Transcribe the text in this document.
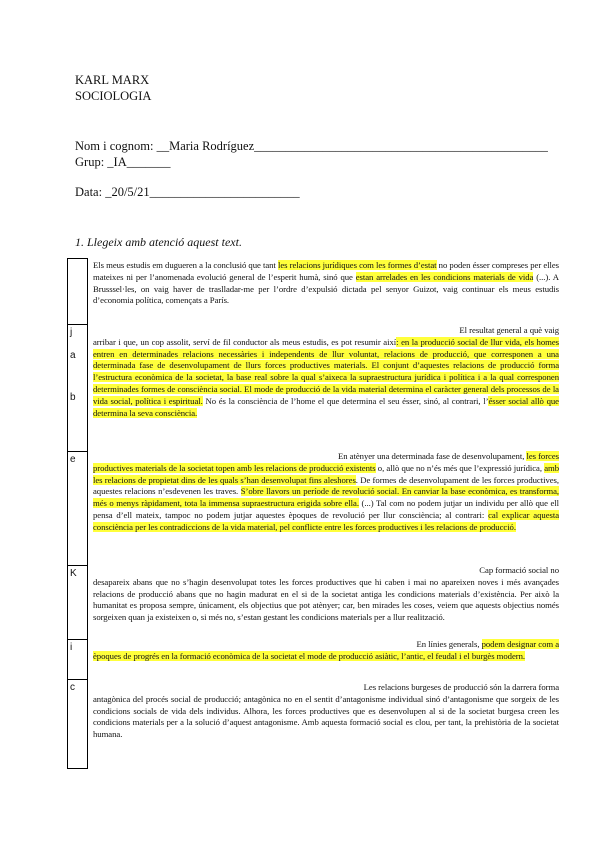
KARL MARX
SOCIOLOGIA
Nom i cognom: __Maria Rodríguez_______________________________________________
Grup: _IA_______
Data: _20/5/21________________________
1. Llegeix amb atenció aquest text.
j
a
b
e
K
i
c
Els meus estudis em dugueren a la conclusió que tant les relacions jurídiques com les formes d’estat no poden ésser compreses per elles mateixes ni per l’anomenada evolució general de l’esperit humà, sinó que estan arrelades en les condicions materials de vida (...). A Brusssel·les, on vaig haver de traslladar-me per l’ordre d’expulsió dictada pel senyor Guizot, vaig continuar els meus estudis d’economia política, començats a París.
El resultat general a què vaig
arribar i que, un cop assolit, serví de fil conductor als meus estudis, es pot resumir així: en la producció social de llur vida, els homes entren en determinades relacions necessàries i independents de llur voluntat, relacions de producció, que corresponen a una determinada fase de desenvolupament de llurs forces productives materials. El conjunt d’aquestes relacions de producció forma l’estructura econòmica de la societat, la base real sobre la qual s’aixeca la supraestructura jurídica i política i a la qual corresponen determinades formes de consciència social. El mode de producció de la vida material determina el caràcter general dels processos de la vida social, política i espiritual. No és la consciència de l’home el que determina el seu ésser, sinó, al contrari, l’ésser social allò que determina la seva consciència.
En atènyer una determinada fase de desenvolupament, les forces
productives materials de la societat topen amb les relacions de producció existents o, allò que no n’és més que l’expressió jurídica, amb les relacions de propietat dins de les quals s’han desenvolupat fins aleshores. De formes de desenvolupament de les forces productives, aquestes relacions n’esdevenen les traves. S’obre llavors un període de revolució social. En canviar la base econòmica, es transforma, més o menys ràpidament, tota la immensa supraestructura erigida sobre ella. (...) Tal com no podem jutjar un individu per allò que ell pensa d’ell mateix, tampoc no podem jutjar aquestes èpoques de revolució per llur consciència; al contrari: cal explicar aquesta consciència per les contradiccions de la vida material, pel conflicte entre les forces productives i les relacions de producció.
Cap formació social no
desapareix abans que no s’hagin desenvolupat totes les forces productives que hi caben i mai no apareixen noves i més avançades relacions de producció abans que no hagin madurat en el si de la societat antiga les condicions materials d’existència. Per això la humanitat es proposa sempre, únicament, els objectius que pot atènyer; car, ben mirades les coses, veiem que aquests objectius només sorgeixen quan ja existeixen o, si més no, s’estan gestant les condicions materials per a llur realització.
En línies generals, podem designar com a
èpoques de progrés en la formació econòmica de la societat el mode de producció asiàtic, l’antic, el feudal i el burgès modern.
Les relacions burgeses de producció són la darrera forma
antagònica del procés social de producció; antagònica no en el sentit d’antagonisme individual sinó d’antagonisme que sorgeix de les condicions socials de vida dels individus. Alhora, les forces productives que es desenvolupen al si de la societat burgesa creen les condicions materials per a la solució d’aquest antagonisme. Amb aquesta formació social es clou, per tant, la prehistòria de la societat humana.
